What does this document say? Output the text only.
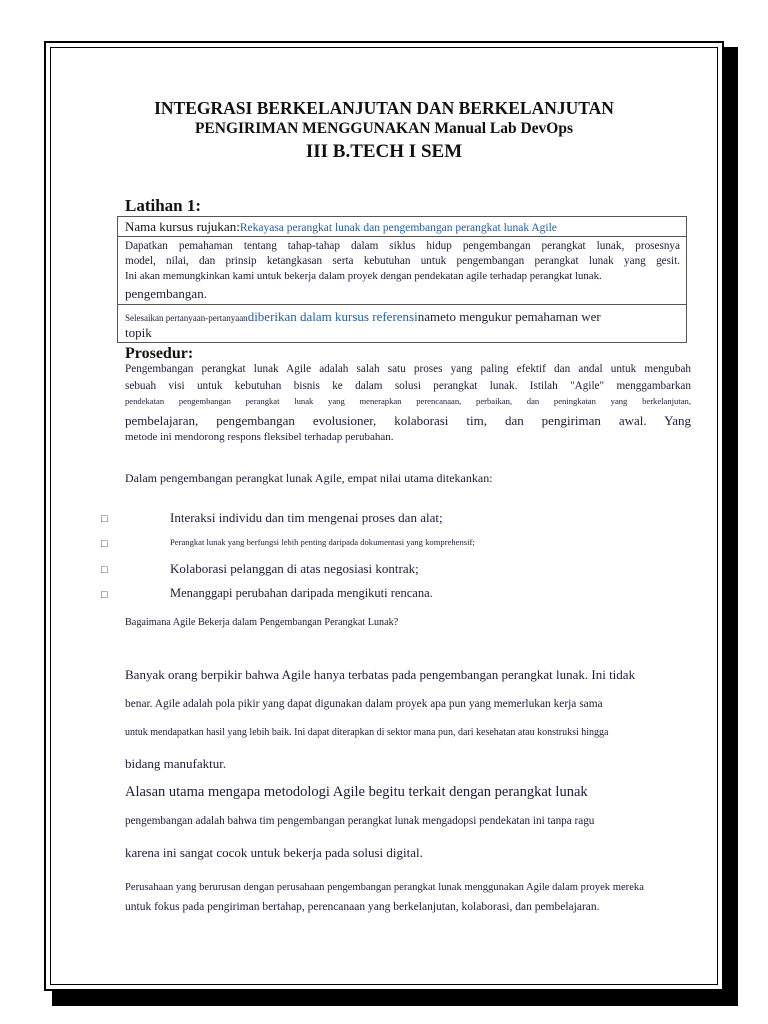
INTEGRASI BERKELANJUTAN DAN BERKELANJUTAN
PENGIRIMAN MENGGUNAKAN Manual Lab DevOps
III B.TECH I SEM
Latihan 1:
Nama kursus rujukan:Rekayasa perangkat lunak dan pengembangan perangkat lunak Agile
Dapatkan pemahaman tentang tahap-tahap dalam siklus hidup pengembangan perangkat lunak, prosesnya
model, nilai, dan prinsip ketangkasan serta kebutuhan untuk pengembangan perangkat lunak yang gesit.
Ini akan memungkinkan kami untuk bekerja dalam proyek dengan pendekatan agile terhadap perangkat lunak.
pengembangan.
Selesaikan pertanyaan-pertanyaandiberikan dalam kursus referensinameto mengukur pemahaman wer
topik
Prosedur:
Pengembangan perangkat lunak Agile adalah salah satu proses yang paling efektif dan andal untuk mengubah
sebuah visi untuk kebutuhan bisnis ke dalam solusi perangkat lunak. Istilah "Agile" menggambarkan
pendekatan pengembangan perangkat lunak yang menerapkan perencanaan, perbaikan, dan peningkatan yang berkelanjutan,
pembelajaran, pengembangan evolusioner, kolaborasi tim, dan pengiriman awal. Yang
metode ini mendorong respons fleksibel terhadap perubahan.
Dalam pengembangan perangkat lunak Agile, empat nilai utama ditekankan:
□	Interaksi individu dan tim mengenai proses dan alat;
□	Perangkat lunak yang berfungsi lebih penting daripada dokumentasi yang komprehensif;
□	Kolaborasi pelanggan di atas negosiasi kontrak;
□	Menanggapi perubahan daripada mengikuti rencana.
Bagaimana Agile Bekerja dalam Pengembangan Perangkat Lunak?
Banyak orang berpikir bahwa Agile hanya terbatas pada pengembangan perangkat lunak. Ini tidak
benar. Agile adalah pola pikir yang dapat digunakan dalam proyek apa pun yang memerlukan kerja sama
untuk mendapatkan hasil yang lebih baik. Ini dapat diterapkan di sektor mana pun, dari kesehatan atau konstruksi hingga
bidang manufaktur.
Alasan utama mengapa metodologi Agile begitu terkait dengan perangkat lunak
pengembangan adalah bahwa tim pengembangan perangkat lunak mengadopsi pendekatan ini tanpa ragu
karena ini sangat cocok untuk bekerja pada solusi digital.
Perusahaan yang berurusan dengan perusahaan pengembangan perangkat lunak menggunakan Agile dalam proyek mereka
untuk fokus pada pengiriman bertahap, perencanaan yang berkelanjutan, kolaborasi, dan pembelajaran.
